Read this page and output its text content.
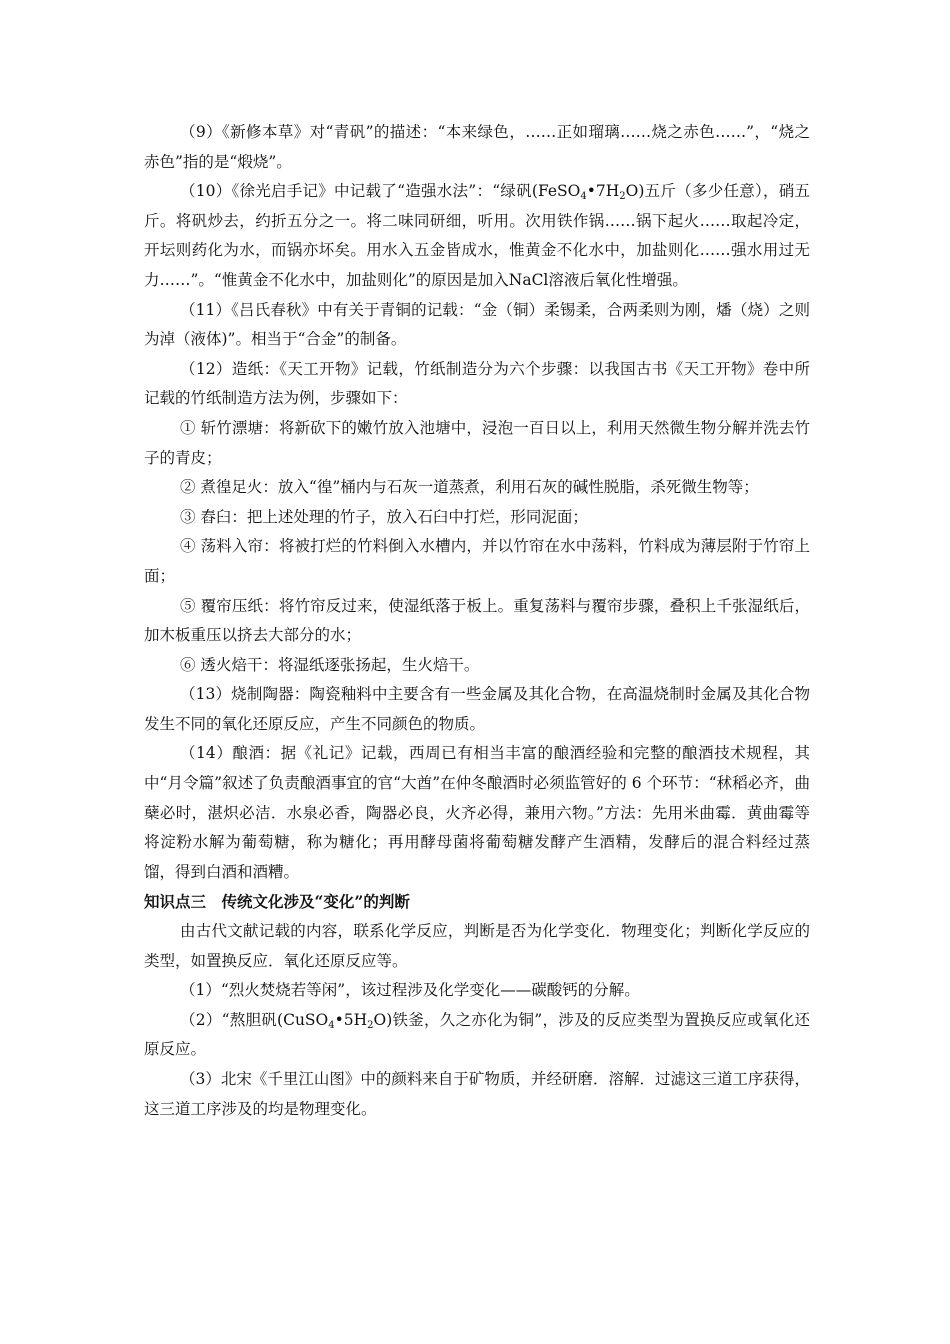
（9）《新修本草》对“青矾”的描述：“本来绿色，……正如瑠璃……烧之赤色……”，“烧之赤色”指的是“煅烧”。

（10）《徐光启手记》中记载了“造强水法”：“绿矾$(FeSO_4•7H_2O)$五斤（多少任意），硝五斤。将矾炒去，约折五分之一。将二味同研细，听用。次用铁作锅……锅下起火……取起冷定，开坛则药化为水，而锅亦坏矣。用水入五金皆成水，惟黄金不化水中，加盐则化……强水用过无力……”。“惟黄金不化水中，加盐则化”的原因是加入NaCl溶液后氧化性增强。

（11）《吕氏春秋》中有关于青铜的记载：“金（铜）柔锡柔，合两柔则为刚，燔（烧）之则为淖（液体)”。相当于“合金”的制备。

（12）造纸：《天工开物》记载，竹纸制造分为六个步骤：以我国古书《天工开物》卷中所记载的竹纸制造方法为例，步骤如下：

① 斩竹漂塘：将新砍下的嫩竹放入池塘中，浸泡一百日以上，利用天然微生物分解并洗去竹子的青皮；

② 煮徨足火：放入“徨”桶内与石灰一道蒸煮，利用石灰的碱性脱脂，杀死微生物等；

③ 舂臼：把上述处理的竹子，放入石臼中打烂，形同泥面；

④ 荡料入帘：将被打烂的竹料倒入水槽内，并以竹帘在水中荡料，竹料成为薄层附于竹帘上面；

⑤ 覆帘压纸：将竹帘反过来，使湿纸落于板上。重复荡料与覆帘步骤，叠积上千张湿纸后，加木板重压以挤去大部分的水；

⑥ 透火焙干：将湿纸逐张扬起，生火焙干。

（13）烧制陶器：陶瓷釉料中主要含有一些金属及其化合物，在高温烧制时金属及其化合物发生不同的氧化还原反应，产生不同颜色的物质。

（14）酿酒：据《礼记》记载，西周已有相当丰富的酿酒经验和完整的酿酒技术规程，其中“月令篇”叙述了负责酿酒事宜的官“大酋”在仲冬酿酒时必须监管好的 6 个环节：“秫稻必齐，曲蘖必时，湛炽必洁．水泉必香，陶器必良，火齐必得，兼用六物。”方法：先用米曲霉．黄曲霉等将淀粉水解为葡萄糖，称为糖化；再用酵母菌将葡萄糖发酵产生酒精，发酵后的混合料经过蒸馏，得到白酒和酒糟。

知识点三　传统文化涉及“变化”的判断

由古代文献记载的内容，联系化学反应，判断是否为化学变化．物理变化；判断化学反应的类型，如置换反应．氧化还原反应等。

（1）“烈火焚烧若等闲”，该过程涉及化学变化——碳酸钙的分解。

（2）“熬胆矾$(CuSO_4•5H_2O)$铁釜，久之亦化为铜”，涉及的反应类型为置换反应或氧化还原反应。

（3）北宋《千里江山图》中的颜料来自于矿物质，并经研磨．溶解．过滤这三道工序获得，这三道工序涉及的均是物理变化。
